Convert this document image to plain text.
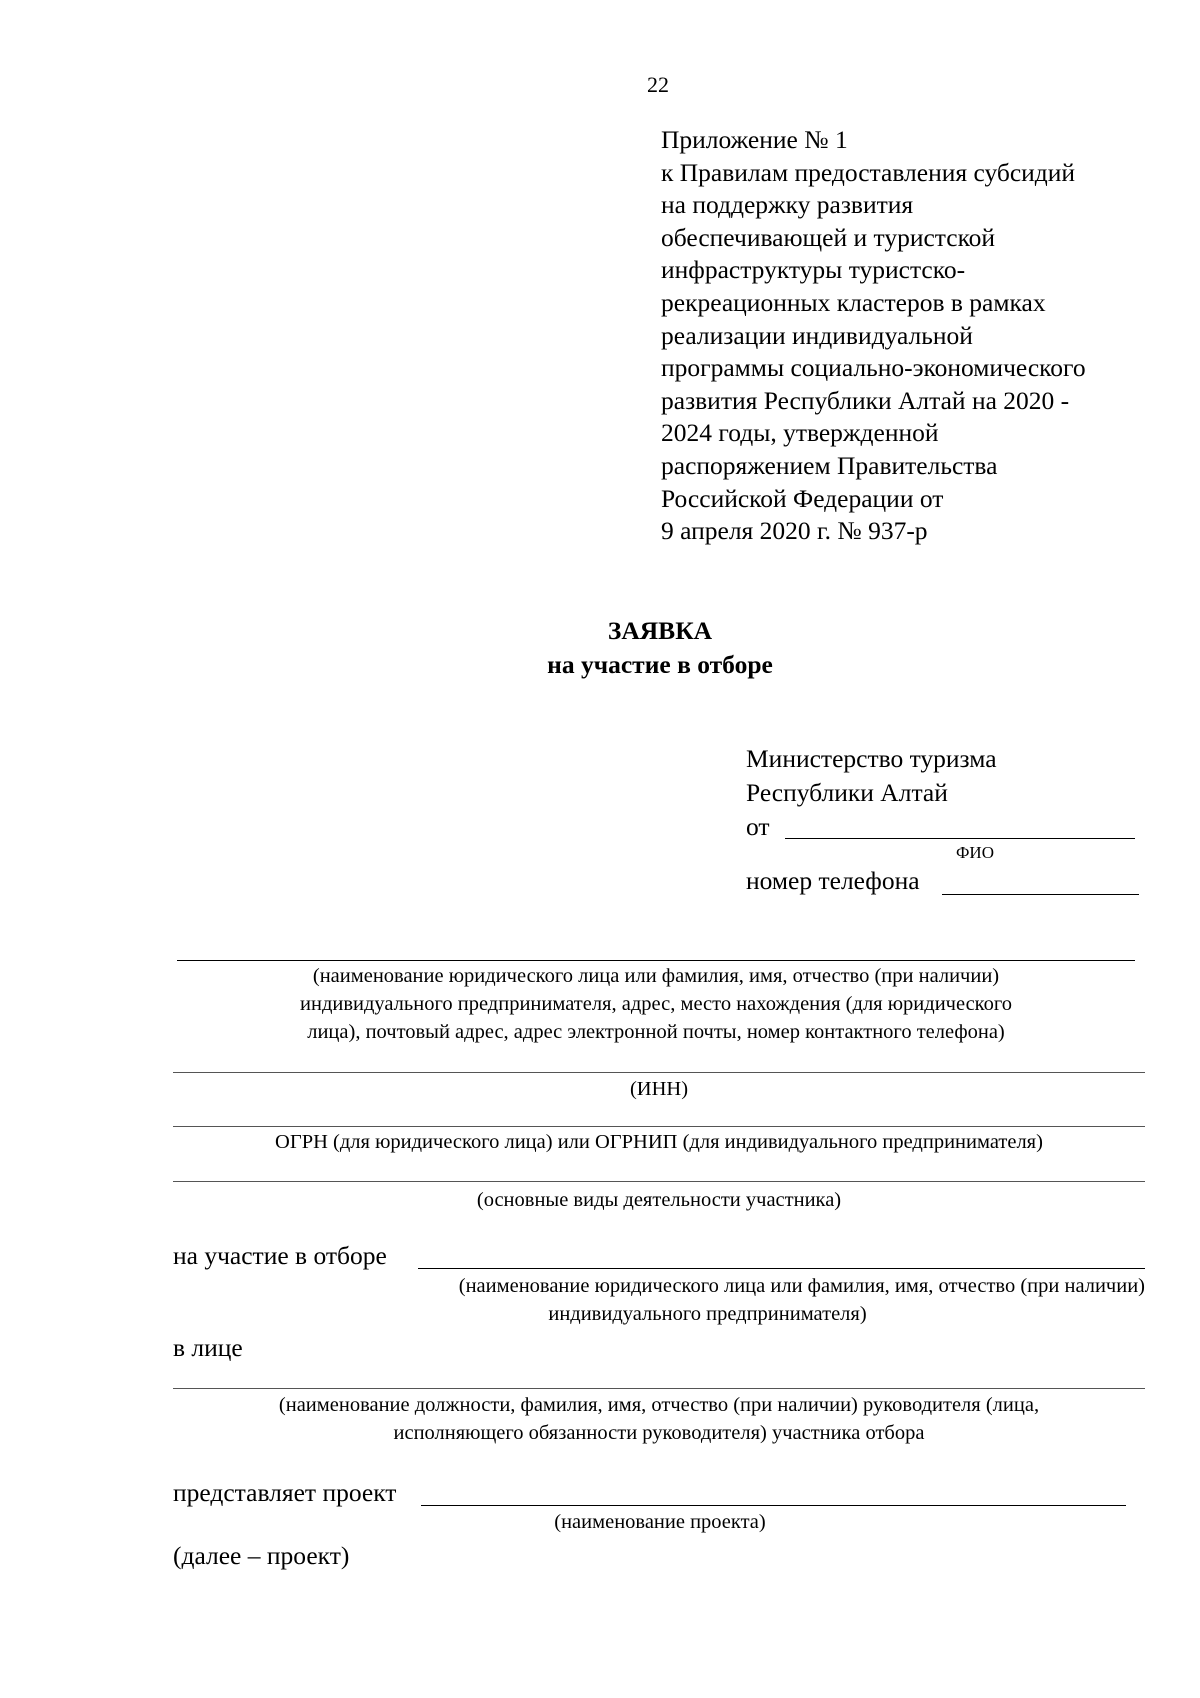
22
Приложение № 1
к Правилам предоставления субсидий
на поддержку развития
обеспечивающей и туристской
инфраструктуры туристско-
рекреационных кластеров в рамках
реализации индивидуальной
программы социально-экономического
развития Республики Алтай на 2020 -
2024 годы, утвержденной
распоряжением Правительства
Российской Федерации от
9 апреля 2020 г. № 937-р
ЗАЯВКА
на участие в отборе
Министерство туризма
Республики Алтай
от
ФИО
номер телефона
(наименование юридического лица или фамилия, имя, отчество (при наличии)
индивидуального предпринимателя, адрес, место нахождения (для юридического
лица), почтовый адрес, адрес электронной почты, номер контактного телефона)
(ИНН)
ОГРН (для юридического лица) или ОГРНИП (для индивидуального предпринимателя)
(основные виды деятельности участника)
на участие в отборе
(наименование юридического лица или фамилия, имя, отчество (при наличии)
индивидуального предпринимателя)
в лице
(наименование должности, фамилия, имя, отчество (при наличии) руководителя (лица,
исполняющего обязанности руководителя) участника отбора
представляет проект
(наименование проекта)
(далее – проект)
